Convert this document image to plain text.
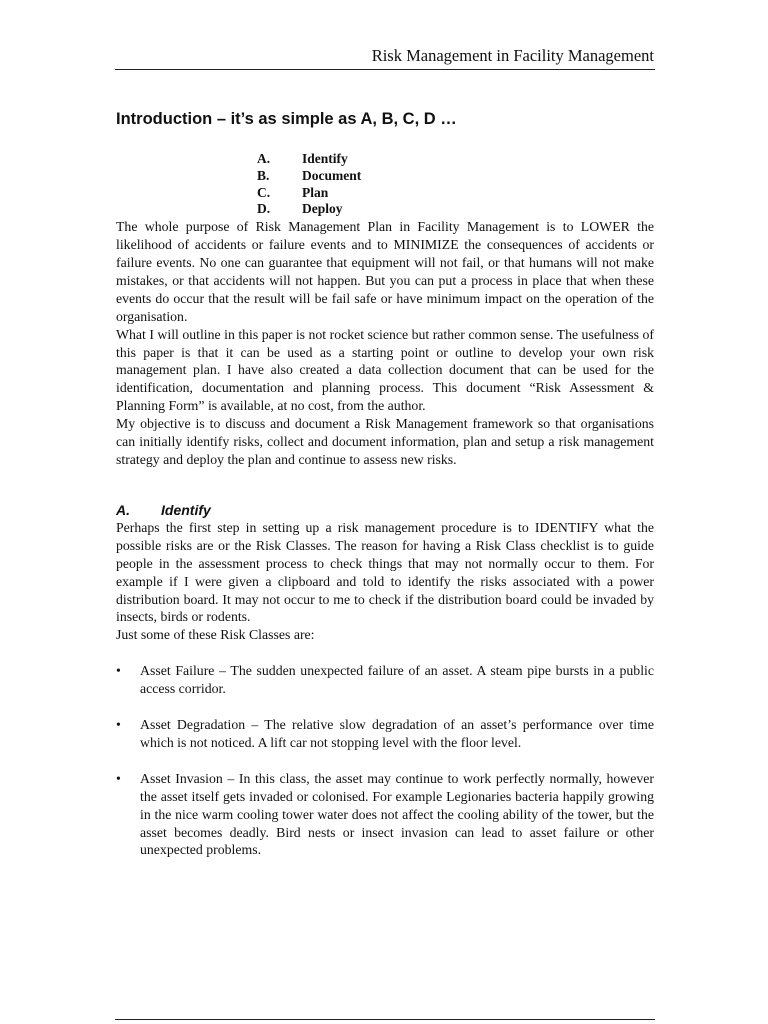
Risk Management in Facility Management
Introduction – it’s as simple as A, B, C, D …
A.	Identify
B.	Document
C.	Plan
D.	Deploy

The whole purpose of Risk Management Plan in Facility Management is to LOWER the likelihood of accidents or failure events and to MINIMIZE the consequences of accidents or failure events. No one can guarantee that equipment will not fail, or that humans will not make mistakes, or that accidents will not happen. But you can put a process in place that when these events do occur that the result will be fail safe or have minimum impact on the operation of the organisation.

What I will outline in this paper is not rocket science but rather common sense. The usefulness of this paper is that it can be used as a starting point or outline to develop your own risk management plan. I have also created a data collection document that can be used for the identification, documentation and planning process. This document “Risk Assessment & Planning Form” is available, at no cost, from the author.

My objective is to discuss and document a Risk Management framework so that organisations can initially identify risks, collect and document information, plan and setup a risk management strategy and deploy the plan and continue to assess new risks.

A.	Identify

Perhaps the first step in setting up a risk management procedure is to IDENTIFY what the possible risks are or the Risk Classes. The reason for having a Risk Class checklist is to guide people in the assessment process to check things that may not normally occur to them. For example if I were given a clipboard and told to identify the risks associated with a power distribution board. It may not occur to me to check if the distribution board could be invaded by insects, birds or rodents.

Just some of these Risk Classes are:

• Asset Failure – The sudden unexpected failure of an asset. A steam pipe bursts in a public access corridor.
• Asset Degradation – The relative slow degradation of an asset’s performance over time which is not noticed. A lift car not stopping level with the floor level.
• Asset Invasion – In this class, the asset may continue to work perfectly normally, however the asset itself gets invaded or colonised. For example Legionaries bacteria happily growing in the nice warm cooling tower water does not affect the cooling ability of the tower, but the asset becomes deadly. Bird nests or insect invasion can lead to asset failure or other unexpected problems.
